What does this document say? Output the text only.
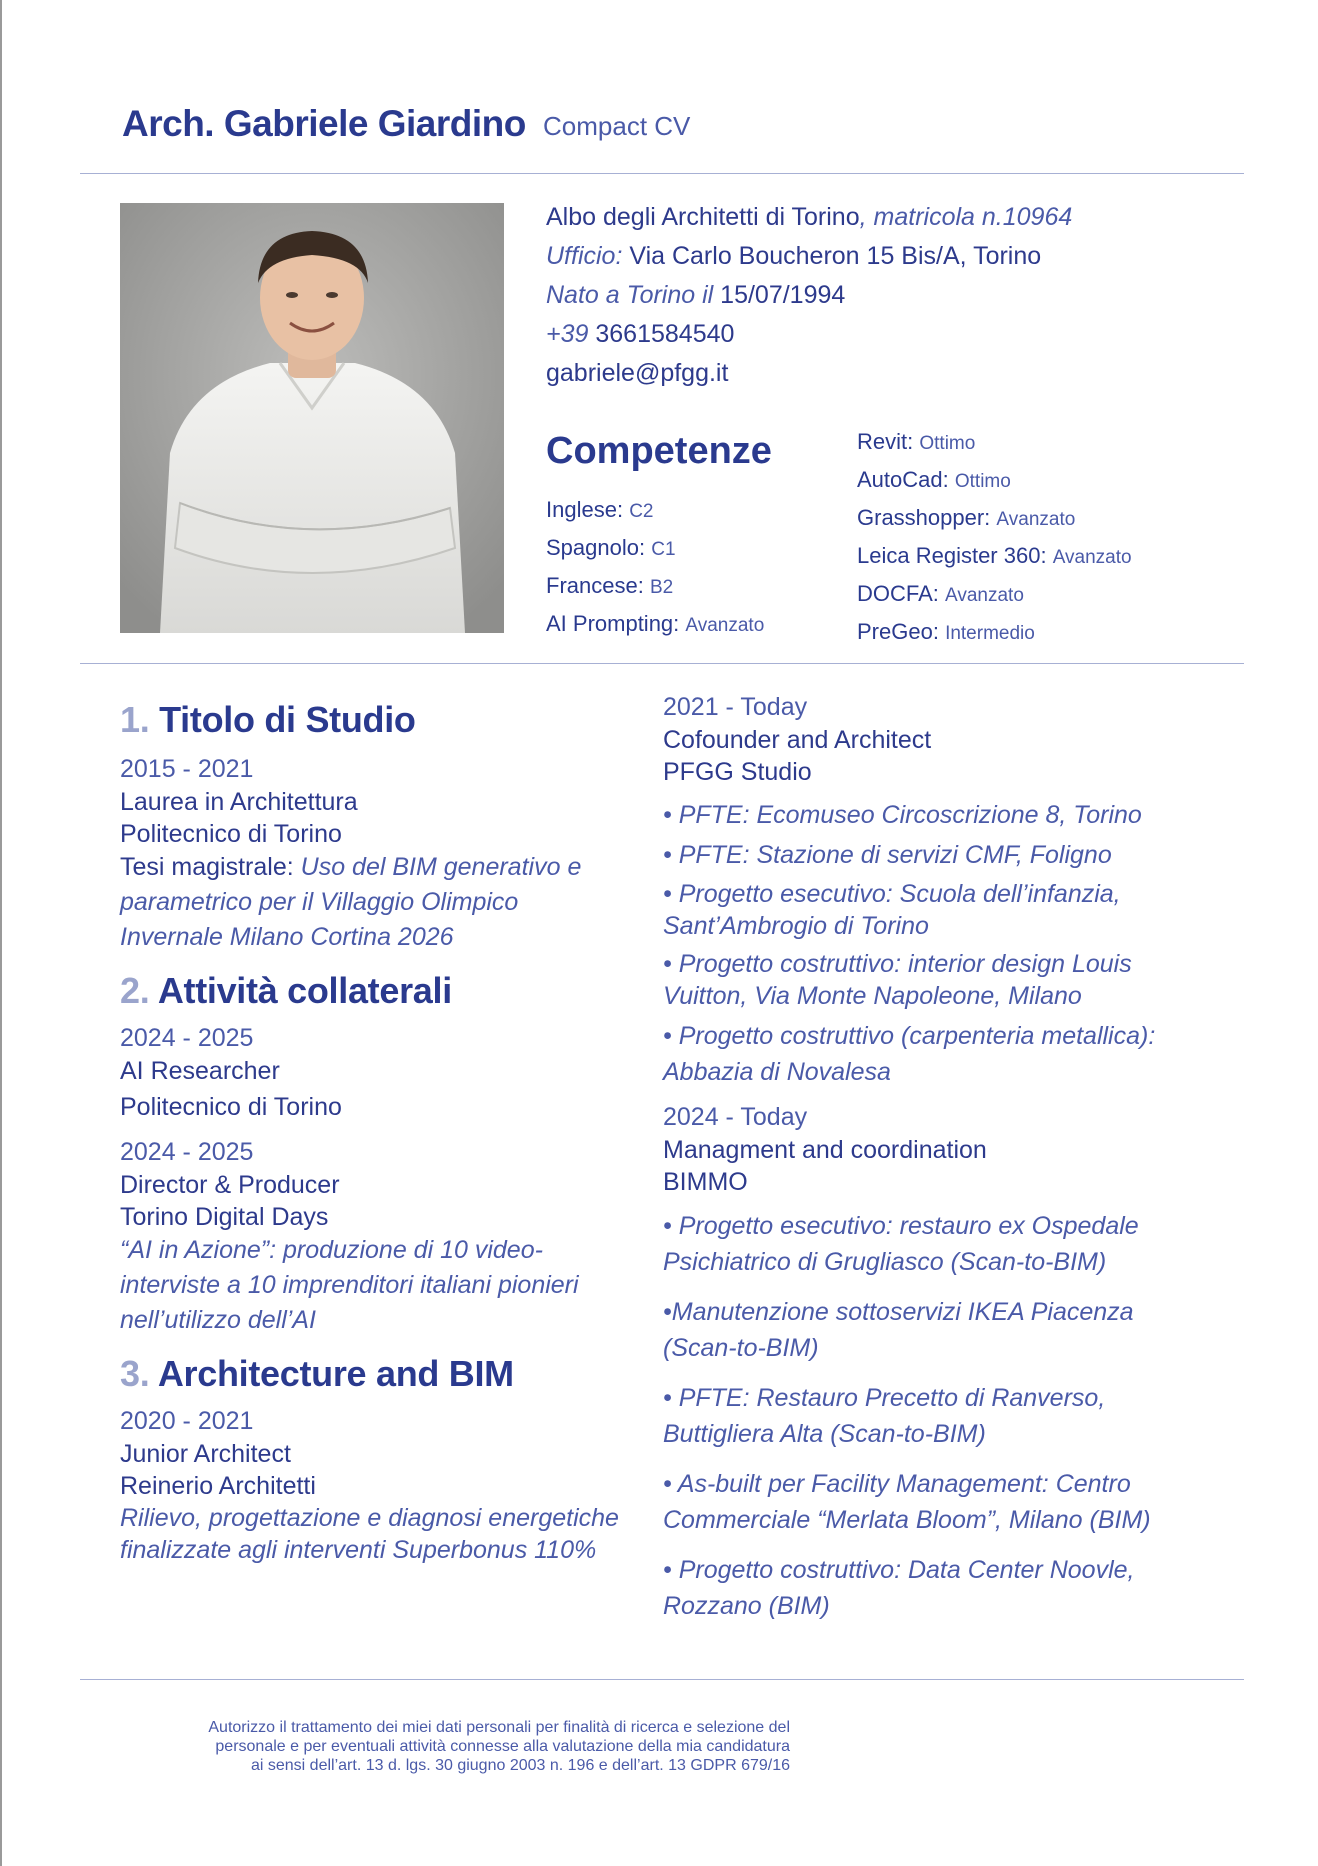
Arch. Gabriele Giardino Compact CV
Albo degli Architetti di Torino, matricola n.10964
Ufficio: Via Carlo Boucheron 15 Bis/A, Torino
Nato a Torino il 15/07/1994
+39 3661584540
gabriele@pfgg.it
Competenze
Inglese: C2
Spagnolo: C1
Francese: B2
AI Prompting: Avanzato
Revit: Ottimo
AutoCad: Ottimo
Grasshopper: Avanzato
Leica Register 360: Avanzato
DOCFA: Avanzato
PreGeo: Intermedio
1. Titolo di Studio
2015 - 2021
Laurea in Architettura
Politecnico di Torino
Tesi magistrale: Uso del BIM generativo e parametrico per il Villaggio Olimpico Invernale Milano Cortina 2026
2. Attività collaterali
2024 - 2025
AI Researcher
Politecnico di Torino
2024 - 2025
Director & Producer
Torino Digital Days
“AI in Azione”: produzione di 10 video-interviste a 10 imprenditori italiani pionieri nell’utilizzo dell’AI
3. Architecture and BIM
2020 - 2021
Junior Architect
Reinerio Architetti
Rilievo, progettazione e diagnosi energetiche finalizzate agli interventi Superbonus 110%
2021 - Today
Cofounder and Architect
PFGG Studio
• PFTE: Ecomuseo Circoscrizione 8, Torino
• PFTE: Stazione di servizi CMF, Foligno
• Progetto esecutivo: Scuola dell’infanzia, Sant’Ambrogio di Torino
• Progetto costruttivo: interior design Louis Vuitton, Via Monte Napoleone, Milano
• Progetto costruttivo (carpenteria metallica): Abbazia di Novalesa
2024 - Today
Managment and coordination
BIMMO
• Progetto esecutivo: restauro ex Ospedale Psichiatrico di Grugliasco (Scan-to-BIM)
•Manutenzione sottoservizi IKEA Piacenza (Scan-to-BIM)
• PFTE: Restauro Precetto di Ranverso, Buttigliera Alta (Scan-to-BIM)
• As-built per Facility Management: Centro Commerciale “Merlata Bloom”, Milano (BIM)
• Progetto costruttivo: Data Center Noovle, Rozzano (BIM)
Autorizzo il trattamento dei miei dati personali per finalità di ricerca e selezione del
personale e per eventuali attività connesse alla valutazione della mia candidatura
ai sensi dell’art. 13 d. lgs. 30 giugno 2003 n. 196 e dell’art. 13 GDPR 679/16
